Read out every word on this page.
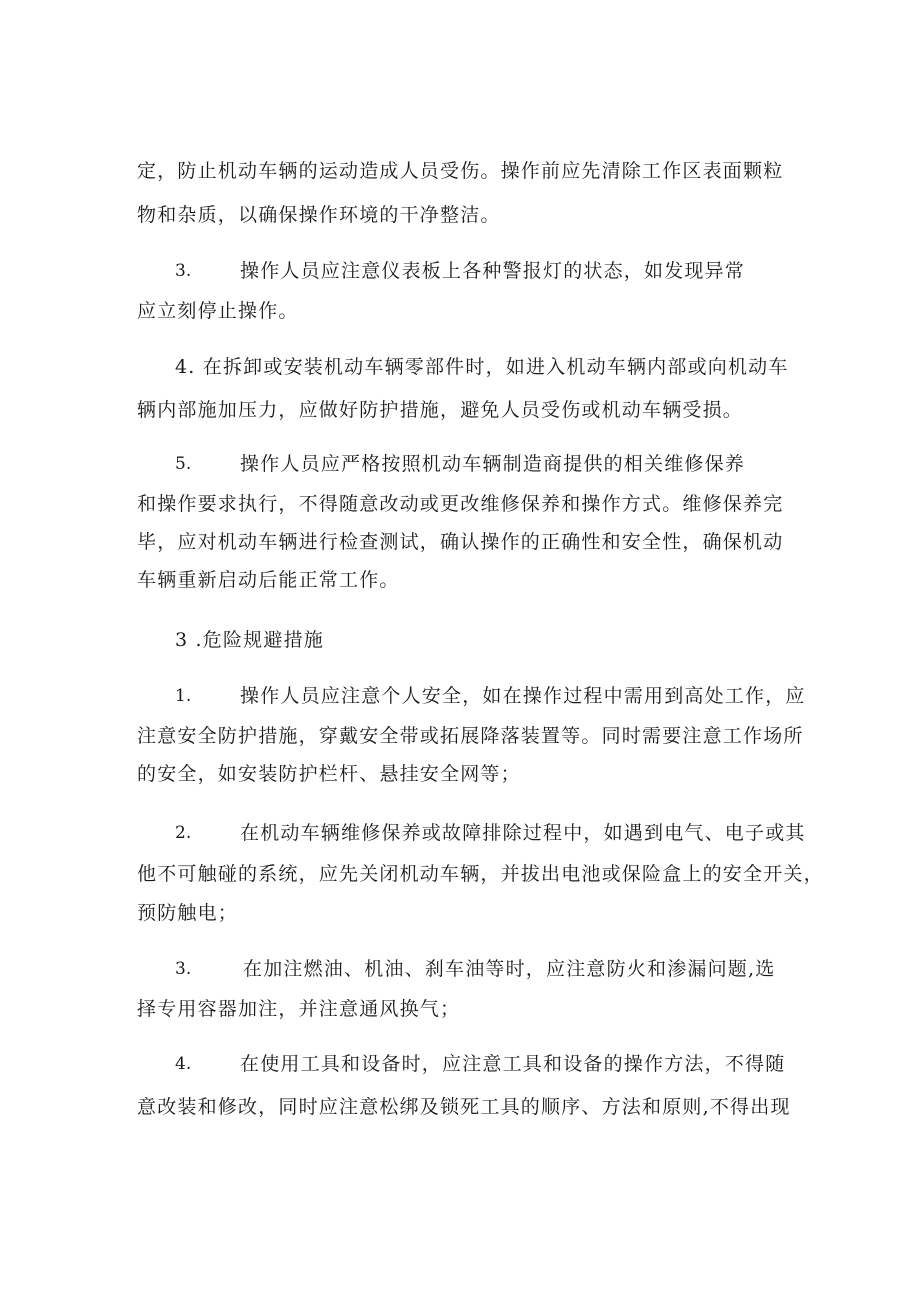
定，防止机动车辆的运动造成人员受伤。操作前应先清除工作区表面颗粒
物和杂质，以确保操作环境的干净整洁。
3.	操作人员应注意仪表板上各种警报灯的状态，如发现异常
应立刻停止操作。
4. 在拆卸或安装机动车辆零部件时，如进入机动车辆内部或向机动车
辆内部施加压力，应做好防护措施，避免人员受伤或机动车辆受损。
5.	操作人员应严格按照机动车辆制造商提供的相关维修保养
和操作要求执行，不得随意改动或更改维修保养和操作方式。维修保养完
毕，应对机动车辆进行检查测试，确认操作的正确性和安全性，确保机动
车辆重新启动后能正常工作。
3 .危险规避措施
1.	操作人员应注意个人安全，如在操作过程中需用到高处工作，应
注意安全防护措施，穿戴安全带或拓展降落装置等。同时需要注意工作场所
的安全，如安装防护栏杆、悬挂安全网等；
2.	在机动车辆维修保养或故障排除过程中，如遇到电气、电子或其
他不可触碰的系统，应先关闭机动车辆，并拔出电池或保险盒上的安全开关，
预防触电；
3.	在加注燃油、机油、刹车油等时，应注意防火和渗漏问题,选
择专用容器加注，并注意通风换气；
4.	在使用工具和设备时，应注意工具和设备的操作方法，不得随
意改装和修改，同时应注意松绑及锁死工具的顺序、方法和原则,不得出现
